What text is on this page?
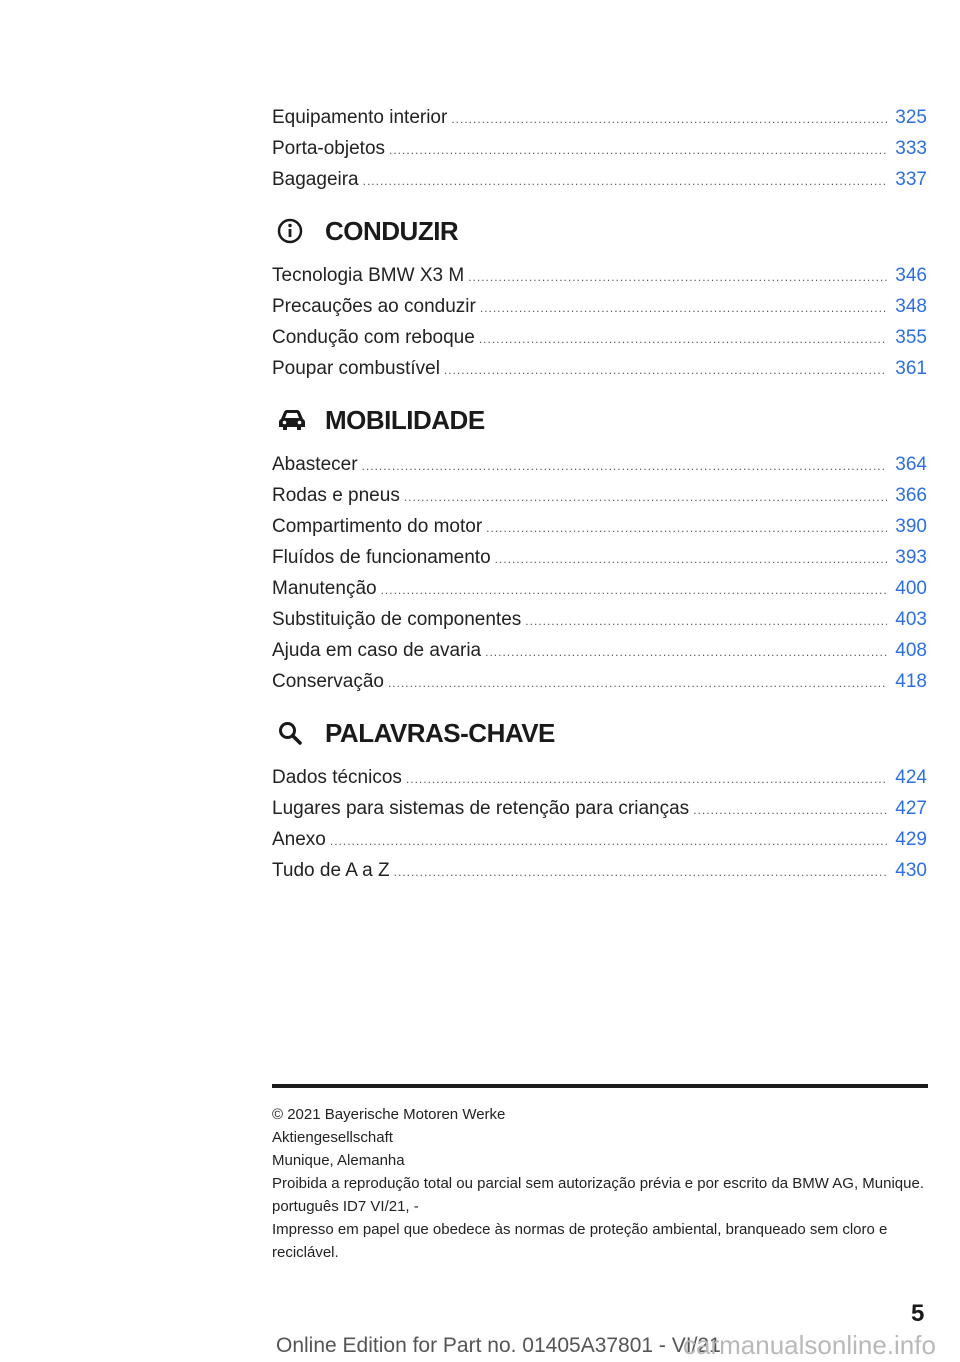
Equipamento interior .....	325
Porta-objetos .....	333
Bagageira .....	337
CONDUZIR
Tecnologia BMW X3 M .....	346
Precauções ao conduzir .....	348
Condução com reboque .....	355
Poupar combustível .....	361
MOBILIDADE
Abastecer .....	364
Rodas e pneus .....	366
Compartimento do motor .....	390
Fluídos de funcionamento .....	393
Manutenção .....	400
Substituição de componentes .....	403
Ajuda em caso de avaria .....	408
Conservação .....	418
PALAVRAS-CHAVE
Dados técnicos .....	424
Lugares para sistemas de retenção para crianças .....	427
Anexo .....	429
Tudo de A a Z .....	430
© 2021 Bayerische Motoren Werke
Aktiengesellschaft
Munique, Alemanha
Proibida a reprodução total ou parcial sem autorização prévia e por escrito da BMW AG, Munique.
português ID7 VI/21, -
Impresso em papel que obedece às normas de proteção ambiental, branqueado sem cloro e reciclável.
5
Online Edition for Part no. 01405A37801 - VI/21
carmanualsonline.info
